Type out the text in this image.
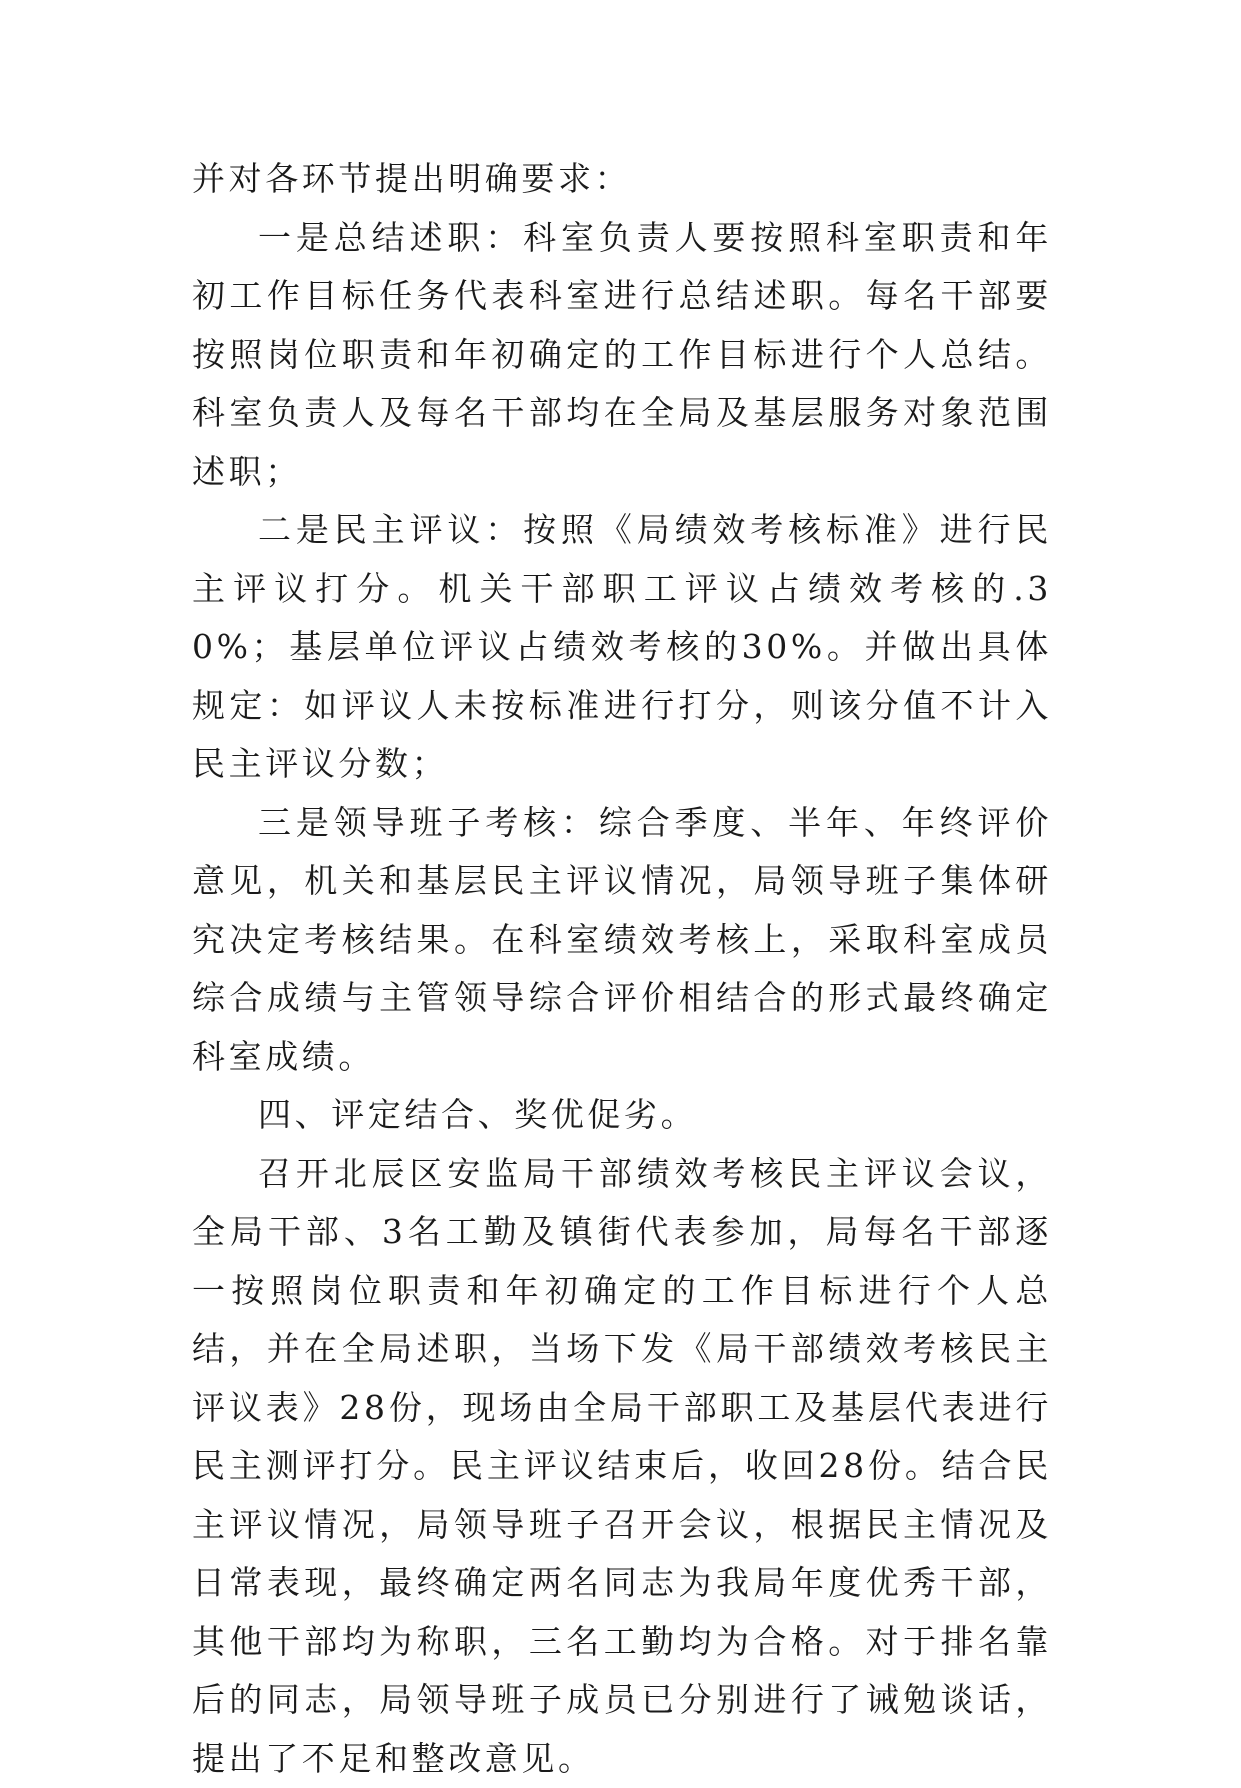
并对各环节提出明确要求：

一是总结述职：科室负责人要按照科室职责和年初工作目标任务代表科室进行总结述职。每名干部要按照岗位职责和年初确定的工作目标进行个人总结。科室负责人及每名干部均在全局及基层服务对象范围述职；

二是民主评议：按照《局绩效考核标准》进行民主评议打分。机关干部职工评议占绩效考核的.30%；基层单位评议占绩效考核的30%。并做出具体规定：如评议人未按标准进行打分，则该分值不计入民主评议分数；

三是领导班子考核：综合季度、半年、年终评价意见，机关和基层民主评议情况，局领导班子集体研究决定考核结果。在科室绩效考核上，采取科室成员综合成绩与主管领导综合评价相结合的形式最终确定科室成绩。

四、评定结合、奖优促劣。

召开北辰区安监局干部绩效考核民主评议会议，全局干部、3名工勤及镇街代表参加，局每名干部逐一按照岗位职责和年初确定的工作目标进行个人总结，并在全局述职，当场下发《局干部绩效考核民主评议表》28份，现场由全局干部职工及基层代表进行民主测评打分。民主评议结束后，收回28份。结合民主评议情况，局领导班子召开会议，根据民主情况及日常表现，最终确定两名同志为我局年度优秀干部，其他干部均为称职，三名工勤均为合格。对于排名靠后的同志，局领导班子成员已分别进行了诫勉谈话，提出了不足和整改意见。
